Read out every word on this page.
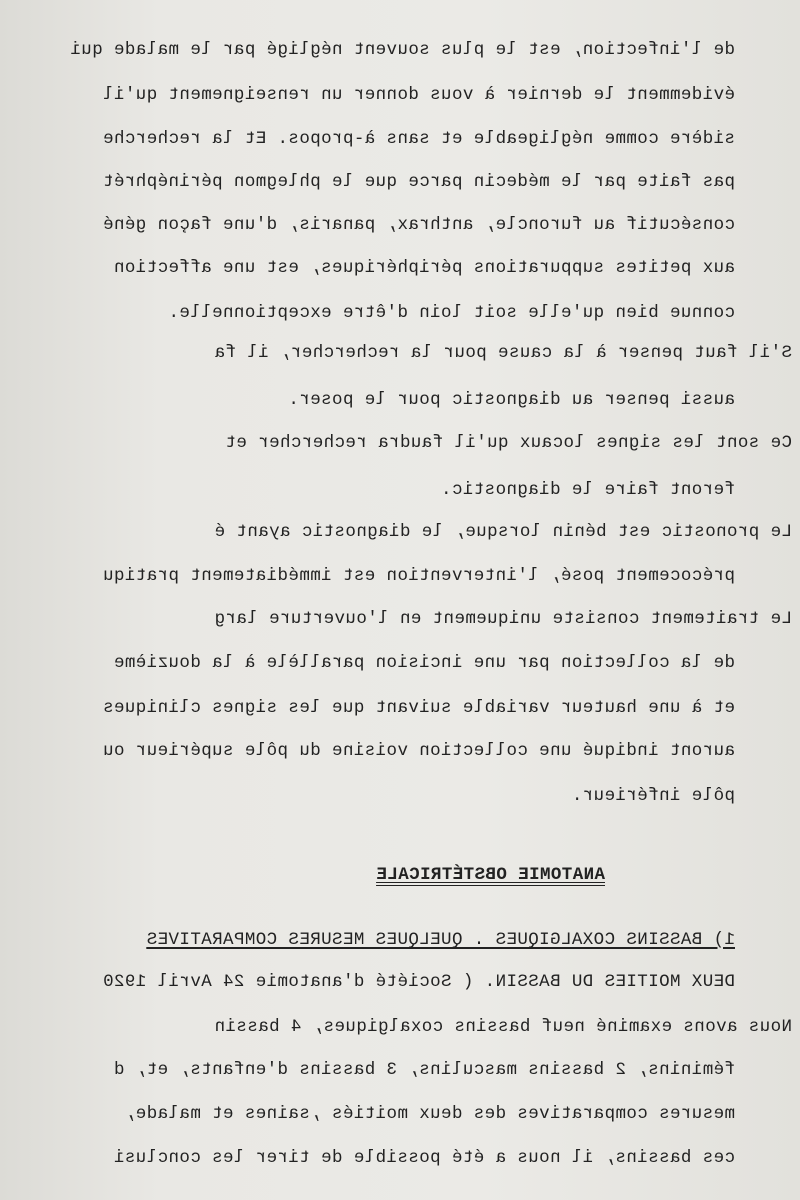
de l'infection, est le plus souvent négligé par le malade qui
évidemment le dernier à vous donner un renseignement qu'il
sidère comme négligeable et sans à-propos. Et la recherche
pas faite par le médecin parce que le phlegmon périnéphrét
consécutif au furoncle, anthrax, panaris, d'une façon géné
aux petites suppurations périphériques, est une affection
connue bien qu'elle soit loin d'être exceptionnelle.
S'il faut penser à la cause pour la rechercher, il fa
aussi penser au diagnostic pour le poser.
Ce sont les signes locaux qu'il faudra rechercher et
feront faire le diagnostic.
Le pronostic est bénin lorsque, le diagnostic ayant é
précocement posé, l'intervention est immédiatement pratiqu
Le traitement consiste uniquement en l'ouverture larg
de la collection par une incision parallèle à la douzième
et à une hauteur variable suivant que les signes cliniques
auront indiqué une collection voisine du pôle supérieur ou
pôle inférieur.
ANATOMIE OBSTÉTRICALE
1) BASSINS COXALGIQUES . QUELQUES MESURES COMPARATIVES
DEUX MOITIES DU BASSIN. ( Société d'anatomie 24 Avril 1920
Nous avons examiné neuf bassins coxalgiques, 4 bassin
féminins, 2 bassins masculins, 3 bassins d'enfants, et, d
mesures comparatives des deux moitiés ,saines et malade,
ces bassins, il nous a été possible de tirer les conclusi
